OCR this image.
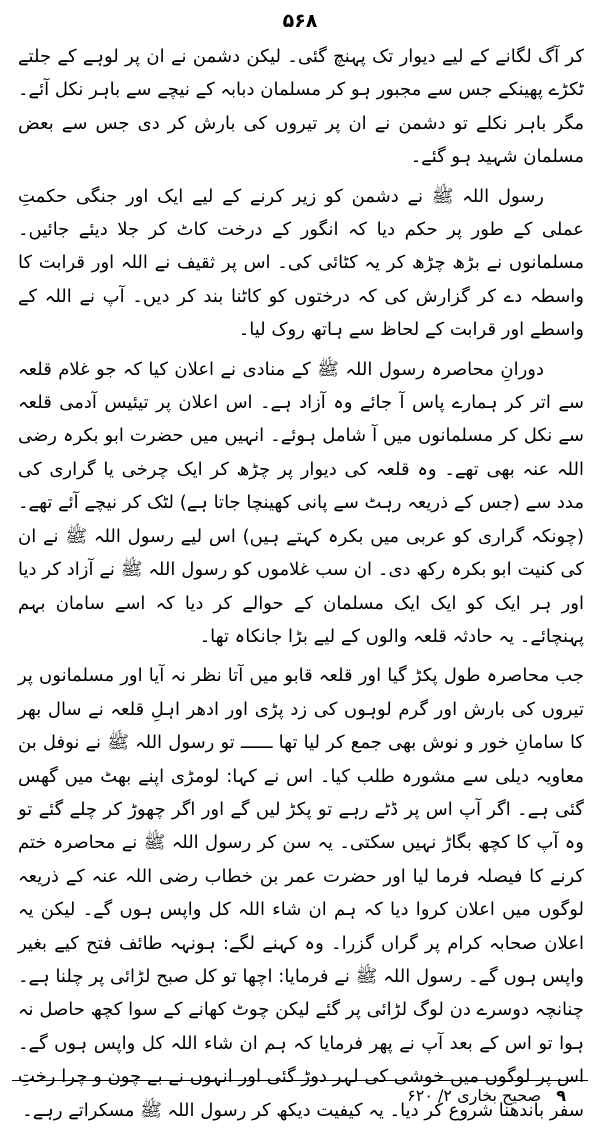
۵۶۸

کر آگ لگانے کے لیے دیوار تک پہنچ گئی۔ لیکن دشمن نے ان پر لوہے کے جلتے ٹکڑے پھینکے جس سے مجبور ہو کر مسلمان دبابہ کے نیچے سے باہر نکل آئے۔ مگر باہر نکلے تو دشمن نے ان پر تیروں کی بارش کر دی جس سے بعض مسلمان شہید ہو گئے۔

رسول اللہ ﷺ نے دشمن کو زیر کرنے کے لیے ایک اور جنگی حکمتِ عملی کے طور پر حکم دیا کہ انگور کے درخت کاٹ کر جلا دیئے جائیں۔ مسلمانوں نے بڑھ چڑھ کر یہ کٹائی کی۔ اس پر ثقیف نے اللہ اور قرابت کا واسطہ دے کر گزارش کی کہ درختوں کو کاٹنا بند کر دیں۔ آپ نے اللہ کے واسطے اور قرابت کے لحاظ سے ہاتھ روک لیا۔

دورانِ محاصرہ رسول اللہ ﷺ کے منادی نے اعلان کیا کہ جو غلام قلعہ سے اتر کر ہمارے پاس آ جائے وہ آزاد ہے۔ اس اعلان پر تیئیس آدمی قلعہ سے نکل کر مسلمانوں میں آ شامل ہوئے۔ انہیں میں حضرت ابو بکرہ رضی اللہ عنہ بھی تھے۔ وہ قلعہ کی دیوار پر چڑھ کر ایک چرخی یا گراری کی مدد سے (جس کے ذریعہ رہٹ سے پانی کھینچا جاتا ہے) لٹک کر نیچے آئے تھے۔ (چونکہ گراری کو عربی میں بکرہ کہتے ہیں) اس لیے رسول اللہ ﷺ نے ان کی کنیت ابو بکرہ رکھ دی۔ ان سب غلاموں کو رسول اللہ ﷺ نے آزاد کر دیا اور ہر ایک کو ایک ایک مسلمان کے حوالے کر دیا کہ اسے سامان بہم پہنچائے۔ یہ حادثہ قلعہ والوں کے لیے بڑا جانکاہ تھا۔

جب محاصرہ طول پکڑ گیا اور قلعہ قابو میں آتا نظر نہ آیا اور مسلمانوں پر تیروں کی بارش اور گرم لوہوں کی زد پڑی اور ادھر اہلِ قلعہ نے سال بھر کا سامانِ خور و نوش بھی جمع کر لیا تھا ــــــ تو رسول اللہ ﷺ نے نوفل بن معاویہ دیلی سے مشورہ طلب کیا۔ اس نے کہا: لومڑی اپنے بھٹ میں گھس گئی ہے۔ اگر آپ اس پر ڈٹے رہے تو پکڑ لیں گے اور اگر چھوڑ کر چلے گئے تو وہ آپ کا کچھ بگاڑ نہیں سکتی۔ یہ سن کر رسول اللہ ﷺ نے محاصرہ ختم کرنے کا فیصلہ فرما لیا اور حضرت عمر بن خطاب رضی اللہ عنہ کے ذریعہ لوگوں میں اعلان کروا دیا کہ ہم ان شاء اللہ کل واپس ہوں گے۔ لیکن یہ اعلان صحابہ کرام پر گراں گزرا۔ وہ کہنے لگے: ہونہہ طائف فتح کیے بغیر واپس ہوں گے۔ رسول اللہ ﷺ نے فرمایا: اچھا تو کل صبح لڑائی پر چلنا ہے۔ چنانچہ دوسرے دن لوگ لڑائی پر گئے لیکن چوٹ کھانے کے سوا کچھ حاصل نہ ہوا تو اس کے بعد آپ نے پھر فرمایا کہ ہم ان شاء اللہ کل واپس ہوں گے۔ اس پر لوگوں میں خوشی کی لہر دوڑ گئی اور انہوں نے بے چون و چرا رختِ سفر باندھنا شروع کر دیا۔ یہ کیفیت دیکھ کر رسول اللہ ﷺ مسکراتے رہے۔

۹ صحیح بخاری ۲/ ۶۲۰
